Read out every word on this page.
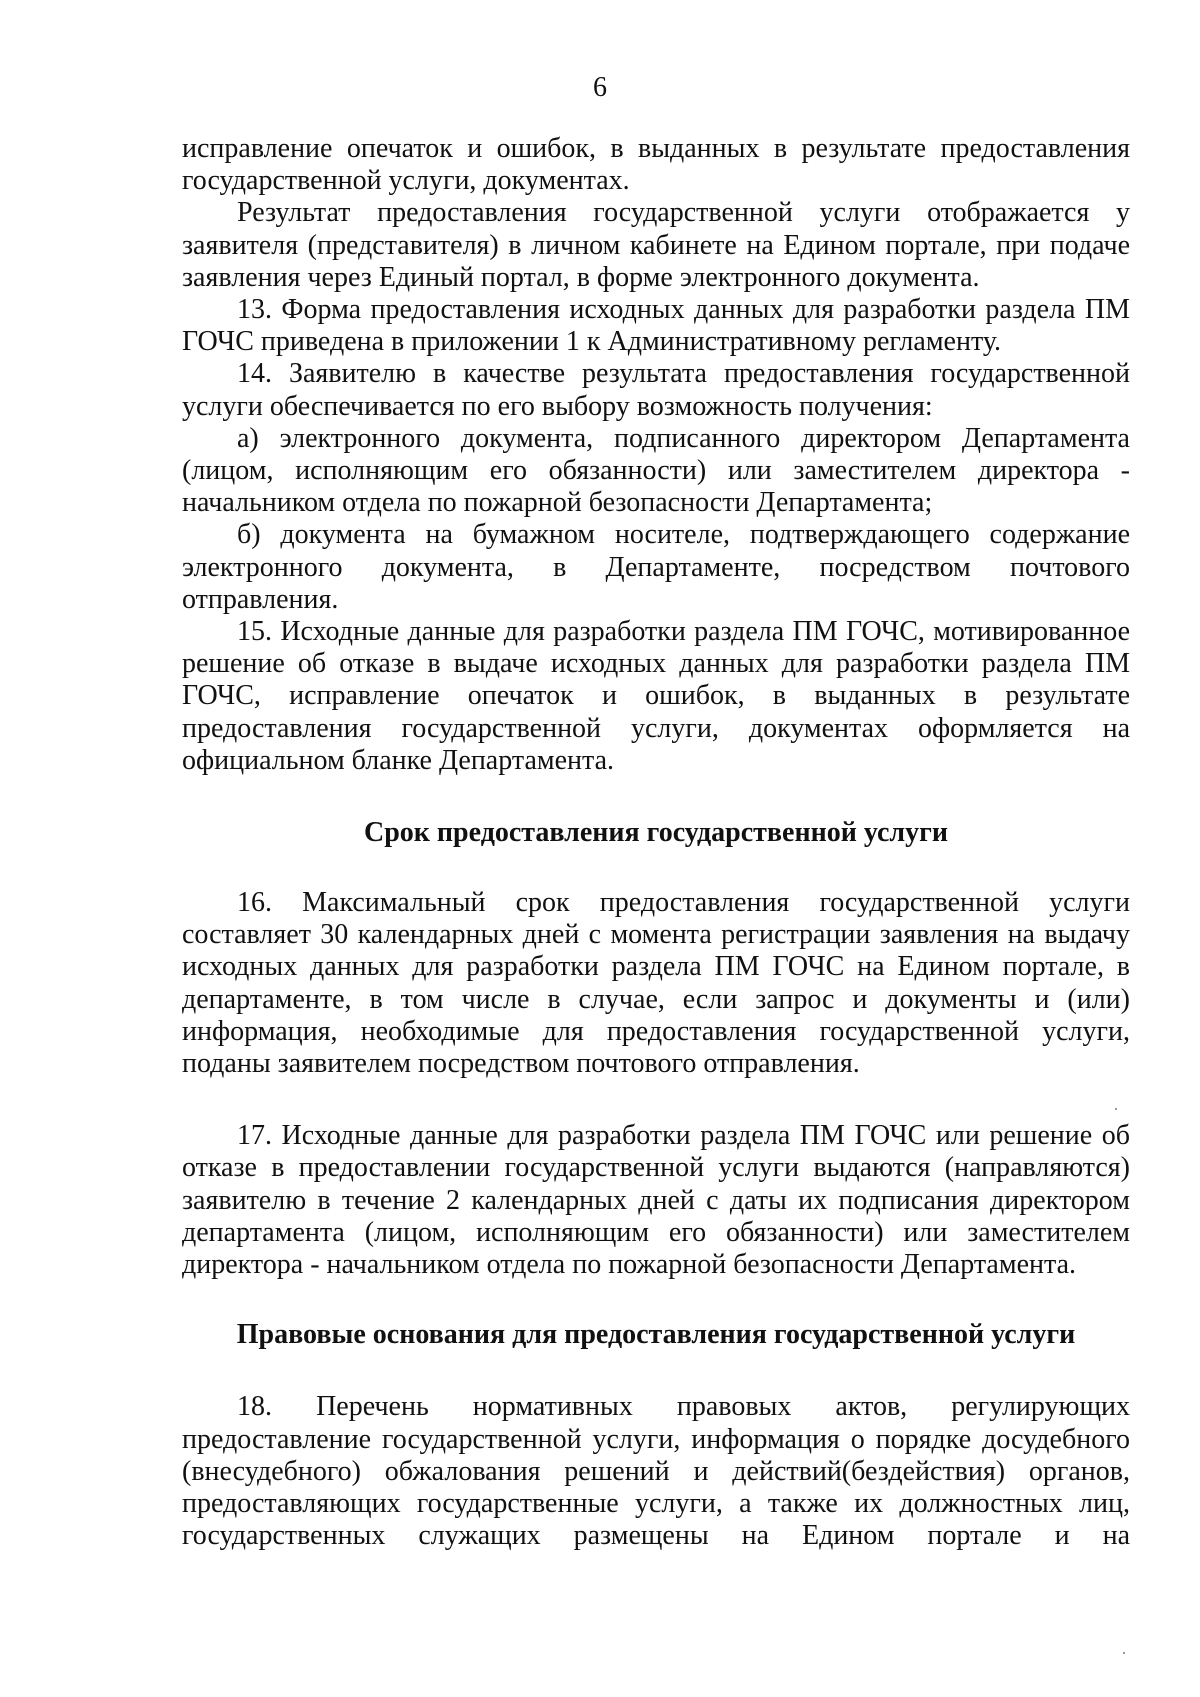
6

исправление опечаток и ошибок, в выданных в результате предоставления государственной услуги, документах.

Результат предоставления государственной услуги отображается у заявителя (представителя) в личном кабинете на Едином портале, при подаче заявления через Единый портал, в форме электронного документа.

13. Форма предоставления исходных данных для разработки раздела ПМ ГОЧС приведена в приложении 1 к Административному регламенту.

14. Заявителю в качестве результата предоставления государственной услуги обеспечивается по его выбору возможность получения:

а) электронного документа, подписанного директором Департамента (лицом, исполняющим его обязанности) или заместителем директора - начальником отдела по пожарной безопасности Департамента;

б) документа на бумажном носителе, подтверждающего содержание электронного документа, в Департаменте, посредством почтового отправления.

15. Исходные данные для разработки раздела ПМ ГОЧС, мотивированное решение об отказе в выдаче исходных данных для разработки раздела ПМ ГОЧС, исправление опечаток и ошибок, в выданных в результате предоставления государственной услуги, документах оформляется на официальном бланке Департамента.

Срок предоставления государственной услуги

16. Максимальный срок предоставления государственной услуги составляет 30 календарных дней с момента регистрации заявления на выдачу исходных данных для разработки раздела ПМ ГОЧС на Едином портале, в департаменте, в том числе в случае, если запрос и документы и (или) информация, необходимые для предоставления государственной услуги, поданы заявителем посредством почтового отправления.

17. Исходные данные для разработки раздела ПМ ГОЧС или решение об отказе в предоставлении государственной услуги выдаются (направляются) заявителю в течение 2 календарных дней с даты их подписания директором департамента (лицом, исполняющим его обязанности) или заместителем директора - начальником отдела по пожарной безопасности Департамента.

Правовые основания для предоставления государственной услуги

18. Перечень нормативных правовых актов, регулирующих предоставление государственной услуги, информация о порядке досудебного (внесудебного) обжалования решений и действий(бездействия) органов, предоставляющих государственные услуги, а также их должностных лиц, государственных служащих размещены на Едином портале и на
